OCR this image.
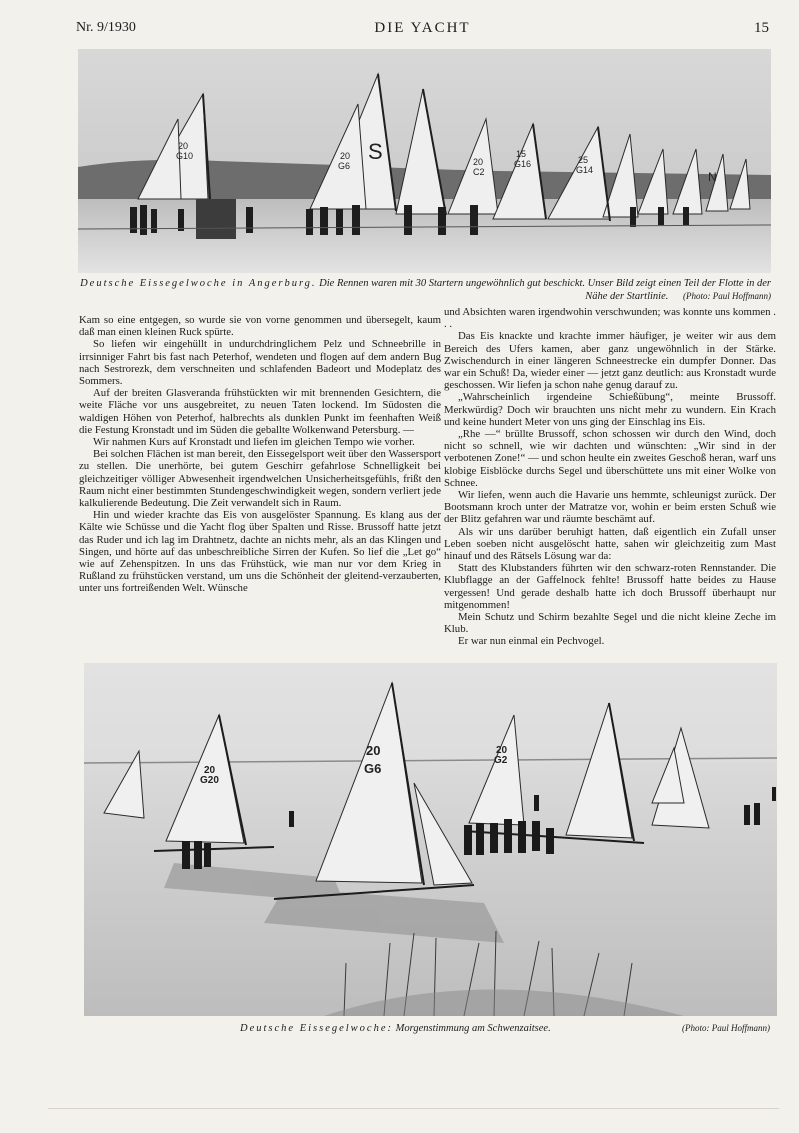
Nr. 9/1930	DIE YACHT	15
20
G10	20
G6
S	20
C2
15
G16	25
G14	N
Deutsche Eissegelwoche in Angerburg. Die Rennen waren mit 30 Startern ungewöhnlich gut beschickt. Unser Bild zeigt einen Teil der Flotte in der Nähe der Startlinie. (Photo: Paul Hoffmann)

Kam so eine entgegen, so wurde sie von vorne genommen und übersegelt, kaum daß man einen kleinen Ruck spürte.

So liefen wir eingehüllt in undurchdringlichem Pelz und Schneebrille in irrsinniger Fahrt bis fast nach Peterhof, wendeten und flogen auf dem andern Bug nach Sestrorezk, dem verschneiten und schlafenden Badeort und Modeplatz des Sommers.

Auf der breiten Glasveranda frühstückten wir mit brennenden Gesichtern, die weite Fläche vor uns ausgebreitet, zu neuen Taten lockend. Im Südosten die waldigen Höhen von Peterhof, halbrechts als dunklen Punkt im feenhaften Weiß die Festung Kronstadt und im Süden die geballte Wolkenwand Petersburg. —

Wir nahmen Kurs auf Kronstadt und liefen im gleichen Tempo wie vorher.

Bei solchen Flächen ist man bereit, den Eissegelsport weit über den Wassersport zu stellen. Die unerhörte, bei gutem Geschirr gefahrlose Schnelligkeit bei gleichzeitiger völliger Abwesenheit irgendwelchen Unsicherheitsgefühls, frißt den Raum nicht einer bestimmten Stundengeschwindigkeit wegen, sondern verliert jede kalkulierende Bedeutung. Die Zeit verwandelt sich in Raum.

Hin und wieder krachte das Eis von ausgelöster Spannung. Es klang aus der Kälte wie Schüsse und die Yacht flog über Spalten und Risse. Brussoff hatte jetzt das Ruder und ich lag im Drahtnetz, dachte an nichts mehr, als an das Klingen und Singen, und hörte auf das unbeschreibliche Sirren der Kufen. So lief die „Let go“ wie auf Zehenspitzen. In uns das Frühstück, wie man nur vor dem Krieg in Rußland zu frühstücken verstand, um uns die Schönheit der gleitend-verzauberten, unter uns fortreißenden Welt. Wünsche

und Absichten waren irgendwohin verschwunden; was konnte uns kommen . . .

Das Eis knackte und krachte immer häufiger, je weiter wir aus dem Bereich des Ufers kamen, aber ganz ungewöhnlich in der Stärke. Zwischendurch in einer längeren Schneestrecke ein dumpfer Donner. Das war ein Schuß! Da, wieder einer — jetzt ganz deutlich: aus Kronstadt wurde geschossen. Wir liefen ja schon nahe genug darauf zu.

„Wahrscheinlich irgendeine Schießübung“, meinte Brussoff. Merkwürdig? Doch wir brauchten uns nicht mehr zu wundern. Ein Krach und keine hundert Meter von uns ging der Einschlag ins Eis.

„Rhe —“ brüllte Brussoff, schon schossen wir durch den Wind, doch nicht so schnell, wie wir dachten und wünschten: „Wir sind in der verbotenen Zone!“ — und schon heulte ein zweites Geschoß heran, warf uns klobige Eisblöcke durchs Segel und überschüttete uns mit einer Wolke von Schnee.

Wir liefen, wenn auch die Havarie uns hemmte, schleunigst zurück. Der Bootsmann kroch unter der Matratze vor, wohin er beim ersten Schuß wie der Blitz gefahren war und räumte beschämt auf.

Als wir uns darüber beruhigt hatten, daß eigentlich ein Zufall unser Leben soeben nicht ausgelöscht hatte, sahen wir gleichzeitig zum Mast hinauf und des Rätsels Lösung war da:

Statt des Klubstanders führten wir den schwarz-roten Rennstander. Die Klubflagge an der Gaffelnock fehlte! Brussoff hatte beides zu Hause vergessen! Und gerade deshalb hatte ich doch Brussoff überhaupt nur mitgenommen!

Mein Schutz und Schirm bezahlte Segel und die nicht kleine Zeche im Klub.

Er war nun einmal ein Pechvogel.

20
G6
20
G20
20
G2
Deutsche Eissegelwoche: Morgenstimmung am Schwenzaitsee.	(Photo: Paul Hoffmann)
